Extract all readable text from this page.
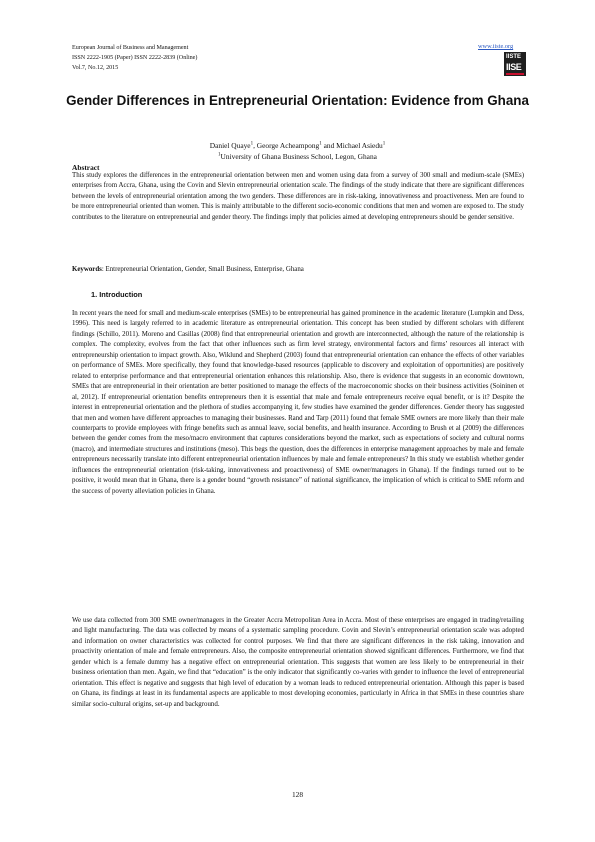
European Journal of Business and Management
ISSN 2222-1905 (Paper) ISSN 2222-2839 (Online)
Vol.7, No.12, 2015
www.iiste.org
IISTE
IISE
Gender Differences in Entrepreneurial Orientation: Evidence from Ghana
Daniel Quaye$^1$, George Acheampong$^1$ and Michael Asiedu$^1$
$^1$University of Ghana Business School, Legon, Ghana
Abstract

This study explores the differences in the entrepreneurial orientation between men and women using data from a survey of 300 small and medium-scale (SMEs) enterprises from Accra, Ghana, using the Covin and Slevin entrepreneurial orientation scale. The findings of the study indicate that there are significant differences between the levels of entrepreneurial orientation among the two genders. These differences are in risk-taking, innovativeness and proactiveness. Men are found to be more entrepreneurial oriented than women. This is mainly attributable to the different socio-economic conditions that men and women are exposed to. The study contributes to the literature on entrepreneurial and gender theory. The findings imply that policies aimed at developing entrepreneurs should be gender sensitive.

Keywords: Entrepreneurial Orientation, Gender, Small Business, Enterprise, Ghana

1. Introduction

In recent years the need for small and medium-scale enterprises (SMEs) to be entrepreneurial has gained prominence in the academic literature (Lumpkin and Dess, 1996). This need is largely referred to in academic literature as entrepreneurial orientation. This concept has been studied by different scholars with different findings (Schillo, 2011). Moreno and Casillas (2008) find that entrepreneurial orientation and growth are interconnected, although the nature of the relationship is complex. The complexity, evolves from the fact that other influences such as firm level strategy, environmental factors and firms’ resources all interact with entrepreneurship orientation to impact growth. Also, Wiklund and Shepherd (2003) found that entrepreneurial orientation can enhance the effects of other variables on performance of SMEs. More specifically, they found that knowledge-based resources (applicable to discovery and exploitation of opportunities) are positively related to enterprise performance and that entrepreneurial orientation enhances this relationship. Also, there is evidence that suggests in an economic downtown, SMEs that are entrepreneurial in their orientation are better positioned to manage the effects of the macroeconomic shocks on their business activities (Soininen et al, 2012). If entrepreneurial orientation benefits entrepreneurs then it is essential that male and female entrepreneurs receive equal benefit, or is it? Despite the interest in entrepreneurial orientation and the plethora of studies accompanying it, few studies have examined the gender differences. Gender theory has suggested that men and women have different approaches to managing their businesses. Rand and Tarp (2011) found that female SME owners are more likely than their male counterparts to provide employees with fringe benefits such as annual leave, social benefits, and health insurance. According to Brush et al (2009) the differences between the gender comes from the meso/macro environment that captures considerations beyond the market, such as expectations of society and cultural norms (macro), and intermediate structures and institutions (meso). This begs the question, does the differences in enterprise management approaches by male and female entrepreneurs necessarily translate into different entrepreneurial orientation influences by male and female entrepreneurs? In this study we establish whether gender influences the entrepreneurial orientation (risk-taking, innovativeness and proactiveness) of SME owner/managers in Ghana). If the findings turned out to be positive, it would mean that in Ghana, there is a gender bound “growth resistance” of national significance, the implication of which is critical to SME reform and the success of poverty alleviation policies in Ghana.

We use data collected from 300 SME owner/managers in the Greater Accra Metropolitan Area in Accra. Most of these enterprises are engaged in trading/retailing and light manufacturing. The data was collected by means of a systematic sampling procedure. Covin and Slevin’s entrepreneurial orientation scale was adopted and information on owner characteristics was collected for control purposes. We find that there are significant differences in the risk taking, innovation and proactivity orientation of male and female entrepreneurs. Also, the composite entrepreneurial orientation showed significant differences. Furthermore, we find that gender which is a female dummy has a negative effect on entrepreneurial orientation. This suggests that women are less likely to be entrepreneurial in their business orientation than men. Again, we find that “education” is the only indicator that significantly co-varies with gender to influence the level of entrepreneurial orientation. This effect is negative and suggests that high level of education by a woman leads to reduced entrepreneurial orientation. Although this paper is based on Ghana, its findings at least in its fundamental aspects are applicable to most developing economies, particularly in Africa in that SMEs in these countries share similar socio-cultural origins, set-up and background.

128
